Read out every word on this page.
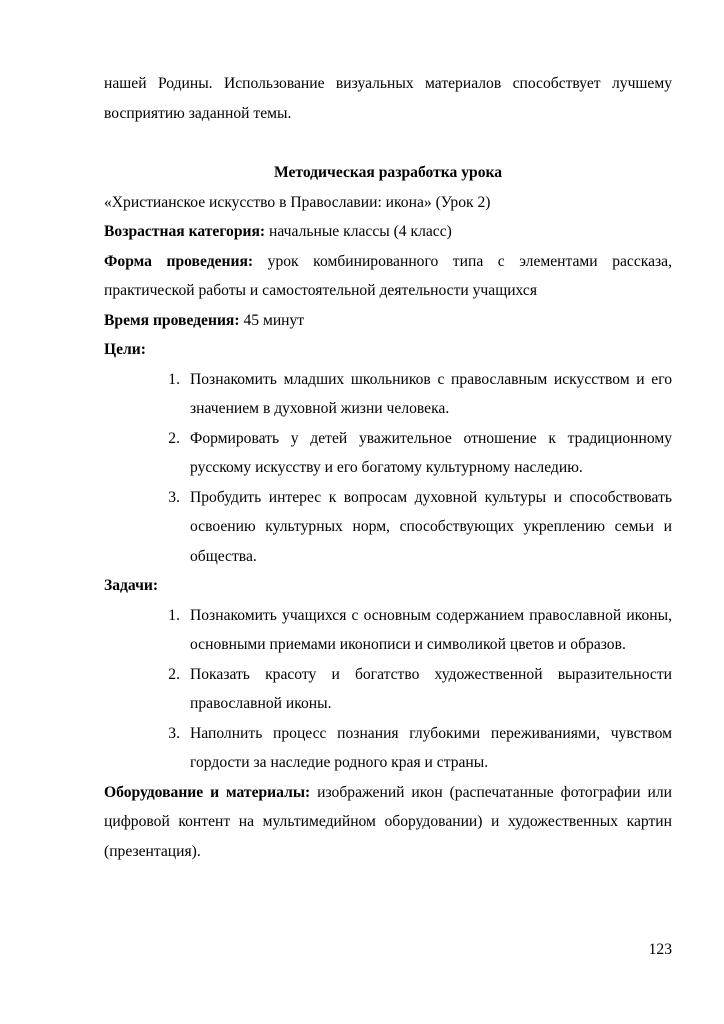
нашей Родины. Использование визуальных материалов способствует лучшему восприятию заданной темы.

Методическая разработка урока

«Христианское искусство в Православии: икона» (Урок 2)

Возрастная категория: начальные классы (4 класс)

Форма проведения: урок комбинированного типа с элементами рассказа, практической работы и самостоятельной деятельности учащихся

Время проведения: 45 минут

Цели:

1. Познакомить младших школьников с православным искусством и его значением в духовной жизни человека.
2. Формировать у детей уважительное отношение к традиционному русскому искусству и его богатому культурному наследию.
3. Пробудить интерес к вопросам духовной культуры и способствовать освоению культурных норм, способствующих укреплению семьи и общества.

Задачи:

1. Познакомить учащихся с основным содержанием православной иконы, основными приемами иконописи и символикой цветов и образов.
2. Показать красоту и богатство художественной выразительности православной иконы.
3. Наполнить процесс познания глубокими переживаниями, чувством гордости за наследие родного края и страны.

Оборудование и материалы: изображений икон (распечатанные фотографии или цифровой контент на мультимедийном оборудовании) и художественных картин (презентация).

123
